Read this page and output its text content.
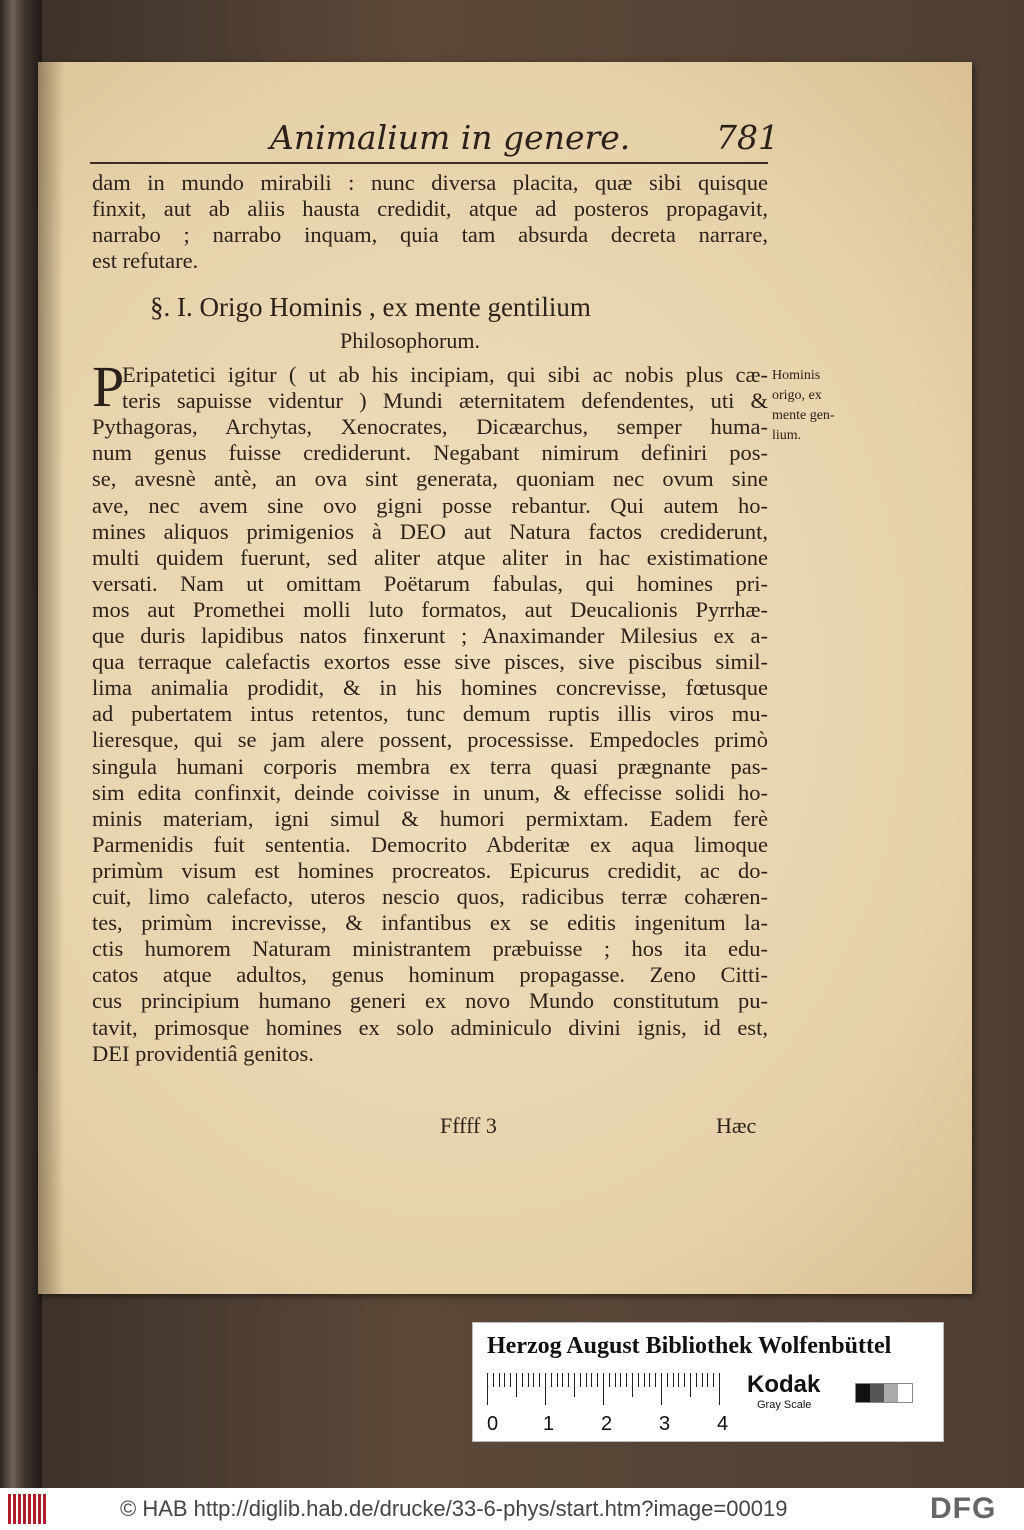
Animalium in genere.	781
dam in mundo mirabili : nunc diversa placita, quæ sibi quisque
finxit, aut ab aliis hausta credidit, atque ad posteros propagavit,
narrabo ; narrabo inquam, quia tam absurda decreta narrare,
est refutare.
§. I. Origo Hominis , ex mente gentilium
Philosophorum.
P
Eripatetici igitur ( ut ab his incipiam, qui sibi ac nobis plus cæ-
teris sapuisse videntur ) Mundi æternitatem defendentes, uti &
Pythagoras, Archytas, Xenocrates, Dicæarchus, semper huma-
num genus fuisse crediderunt. Negabant nimirum definiri pos-
se, avesnè antè, an ova sint generata, quoniam nec ovum sine
ave, nec avem sine ovo gigni posse rebantur. Qui autem ho-
mines aliquos primigenios à DEO aut Natura factos crediderunt,
multi quidem fuerunt, sed aliter atque aliter in hac existimatione
versati. Nam ut omittam Poëtarum fabulas, qui homines pri-
mos aut Promethei molli luto formatos, aut Deucalionis Pyrrhæ-
que duris lapidibus natos finxerunt ; Anaximander Milesius ex a-
qua terraque calefactis exortos esse sive pisces, sive piscibus simil-
lima animalia prodidit, & in his homines concrevisse, fœtusque
ad pubertatem intus retentos, tunc demum ruptis illis viros mu-
lieresque, qui se jam alere possent, processisse. Empedocles primò
singula humani corporis membra ex terra quasi prægnante pas-
sim edita confinxit, deinde coivisse in unum, & effecisse solidi ho-
minis materiam, igni simul & humori permixtam. Eadem ferè
Parmenidis fuit sententia. Democrito Abderitæ ex aqua limoque
primùm visum est homines procreatos. Epicurus credidit, ac do-
cuit, limo calefacto, uteros nescio quos, radicibus terræ cohæren-
tes, primùm increvisse, & infantibus ex se editis ingenitum la-
ctis humorem Naturam ministrantem præbuisse ; hos ita edu-
catos atque adultos, genus hominum propagasse. Zeno Citti-
cus principium humano generi ex novo Mundo constitutum pu-
tavit, primosque homines ex solo adminiculo divini ignis, id est,
DEI providentiâ genitos.
Hominis
origo, ex
mente gen-
lium.
Fffff 3	Hæc
Herzog August Bibliothek Wolfenbüttel
0 1 2 3 4
Kodak
Gray Scale
© HAB http://diglib.hab.de/drucke/33-6-phys/start.htm?image=00019	DFG
